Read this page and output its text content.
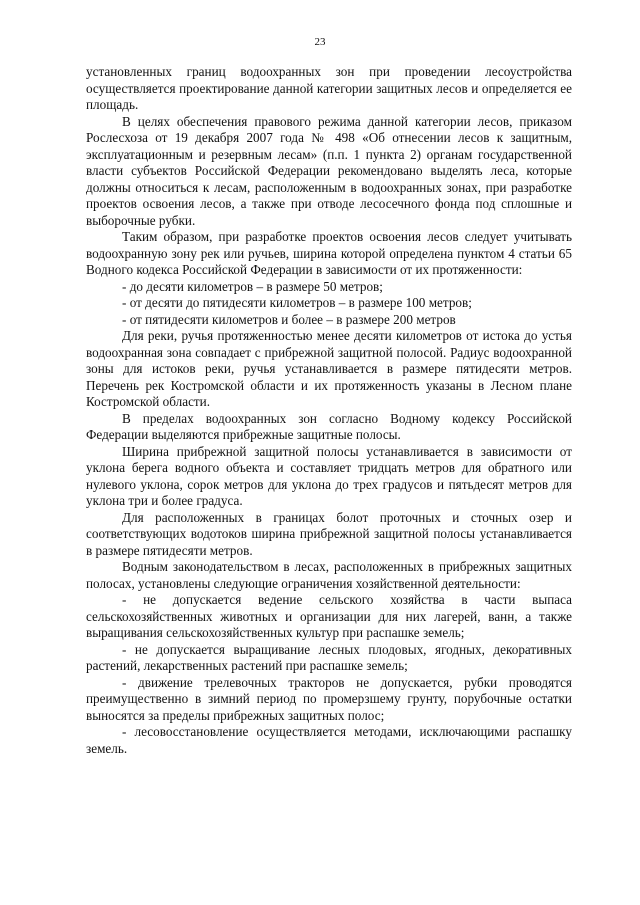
23

установленных границ водоохранных зон при проведении лесоустройства осуществляется проектирование данной категории защитных лесов и определяется ее площадь.

В целях обеспечения правового режима данной категории лесов, приказом Рослесхоза от 19 декабря 2007 года № 498 «Об отнесении лесов к защитным, эксплуатационным и резервным лесам» (п.п. 1 пункта 2) органам государственной власти субъектов Российской Федерации рекомендовано выделять леса, которые должны относиться к лесам, расположенным в водоохранных зонах, при разработке проектов освоения лесов, а также при отводе лесосечного фонда под сплошные и выборочные рубки.

Таким образом, при разработке проектов освоения лесов следует учитывать водоохранную зону рек или ручьев, ширина которой определена пунктом 4 статьи 65 Водного кодекса Российской Федерации в зависимости от их протяженности:

- до десяти километров – в размере 50 метров;

- от десяти до пятидесяти километров – в размере 100 метров;

- от пятидесяти километров и более – в размере 200 метров

Для реки, ручья протяженностью менее десяти километров от истока до устья водоохранная зона совпадает с прибрежной защитной полосой. Радиус водоохранной зоны для истоков реки, ручья устанавливается в размере пятидесяти метров. Перечень рек Костромской области и их протяженность указаны в Лесном плане Костромской области.

В пределах водоохранных зон согласно Водному кодексу Российской Федерации выделяются прибрежные защитные полосы.

Ширина прибрежной защитной полосы устанавливается в зависимости от уклона берега водного объекта и составляет тридцать метров для обратного или нулевого уклона, сорок метров для уклона до трех градусов и пятьдесят метров для уклона три и более градуса.

Для расположенных в границах болот проточных и сточных озер и соответствующих водотоков ширина прибрежной защитной полосы устанавливается в размере пятидесяти метров.

Водным законодательством в лесах, расположенных в прибрежных защитных полосах, установлены следующие ограничения хозяйственной деятельности:

- не допускается ведение сельского хозяйства в части выпаса сельскохозяйственных животных и организации для них лагерей, ванн, а также выращивания сельскохозяйственных культур при распашке земель;

- не допускается выращивание лесных плодовых, ягодных, декоративных растений, лекарственных растений при распашке земель;

- движение трелевочных тракторов не допускается, рубки проводятся преимущественно в зимний период по промерзшему грунту, порубочные остатки выносятся за пределы прибрежных защитных полос;

- лесовосстановление осуществляется методами, исключающими распашку земель.
